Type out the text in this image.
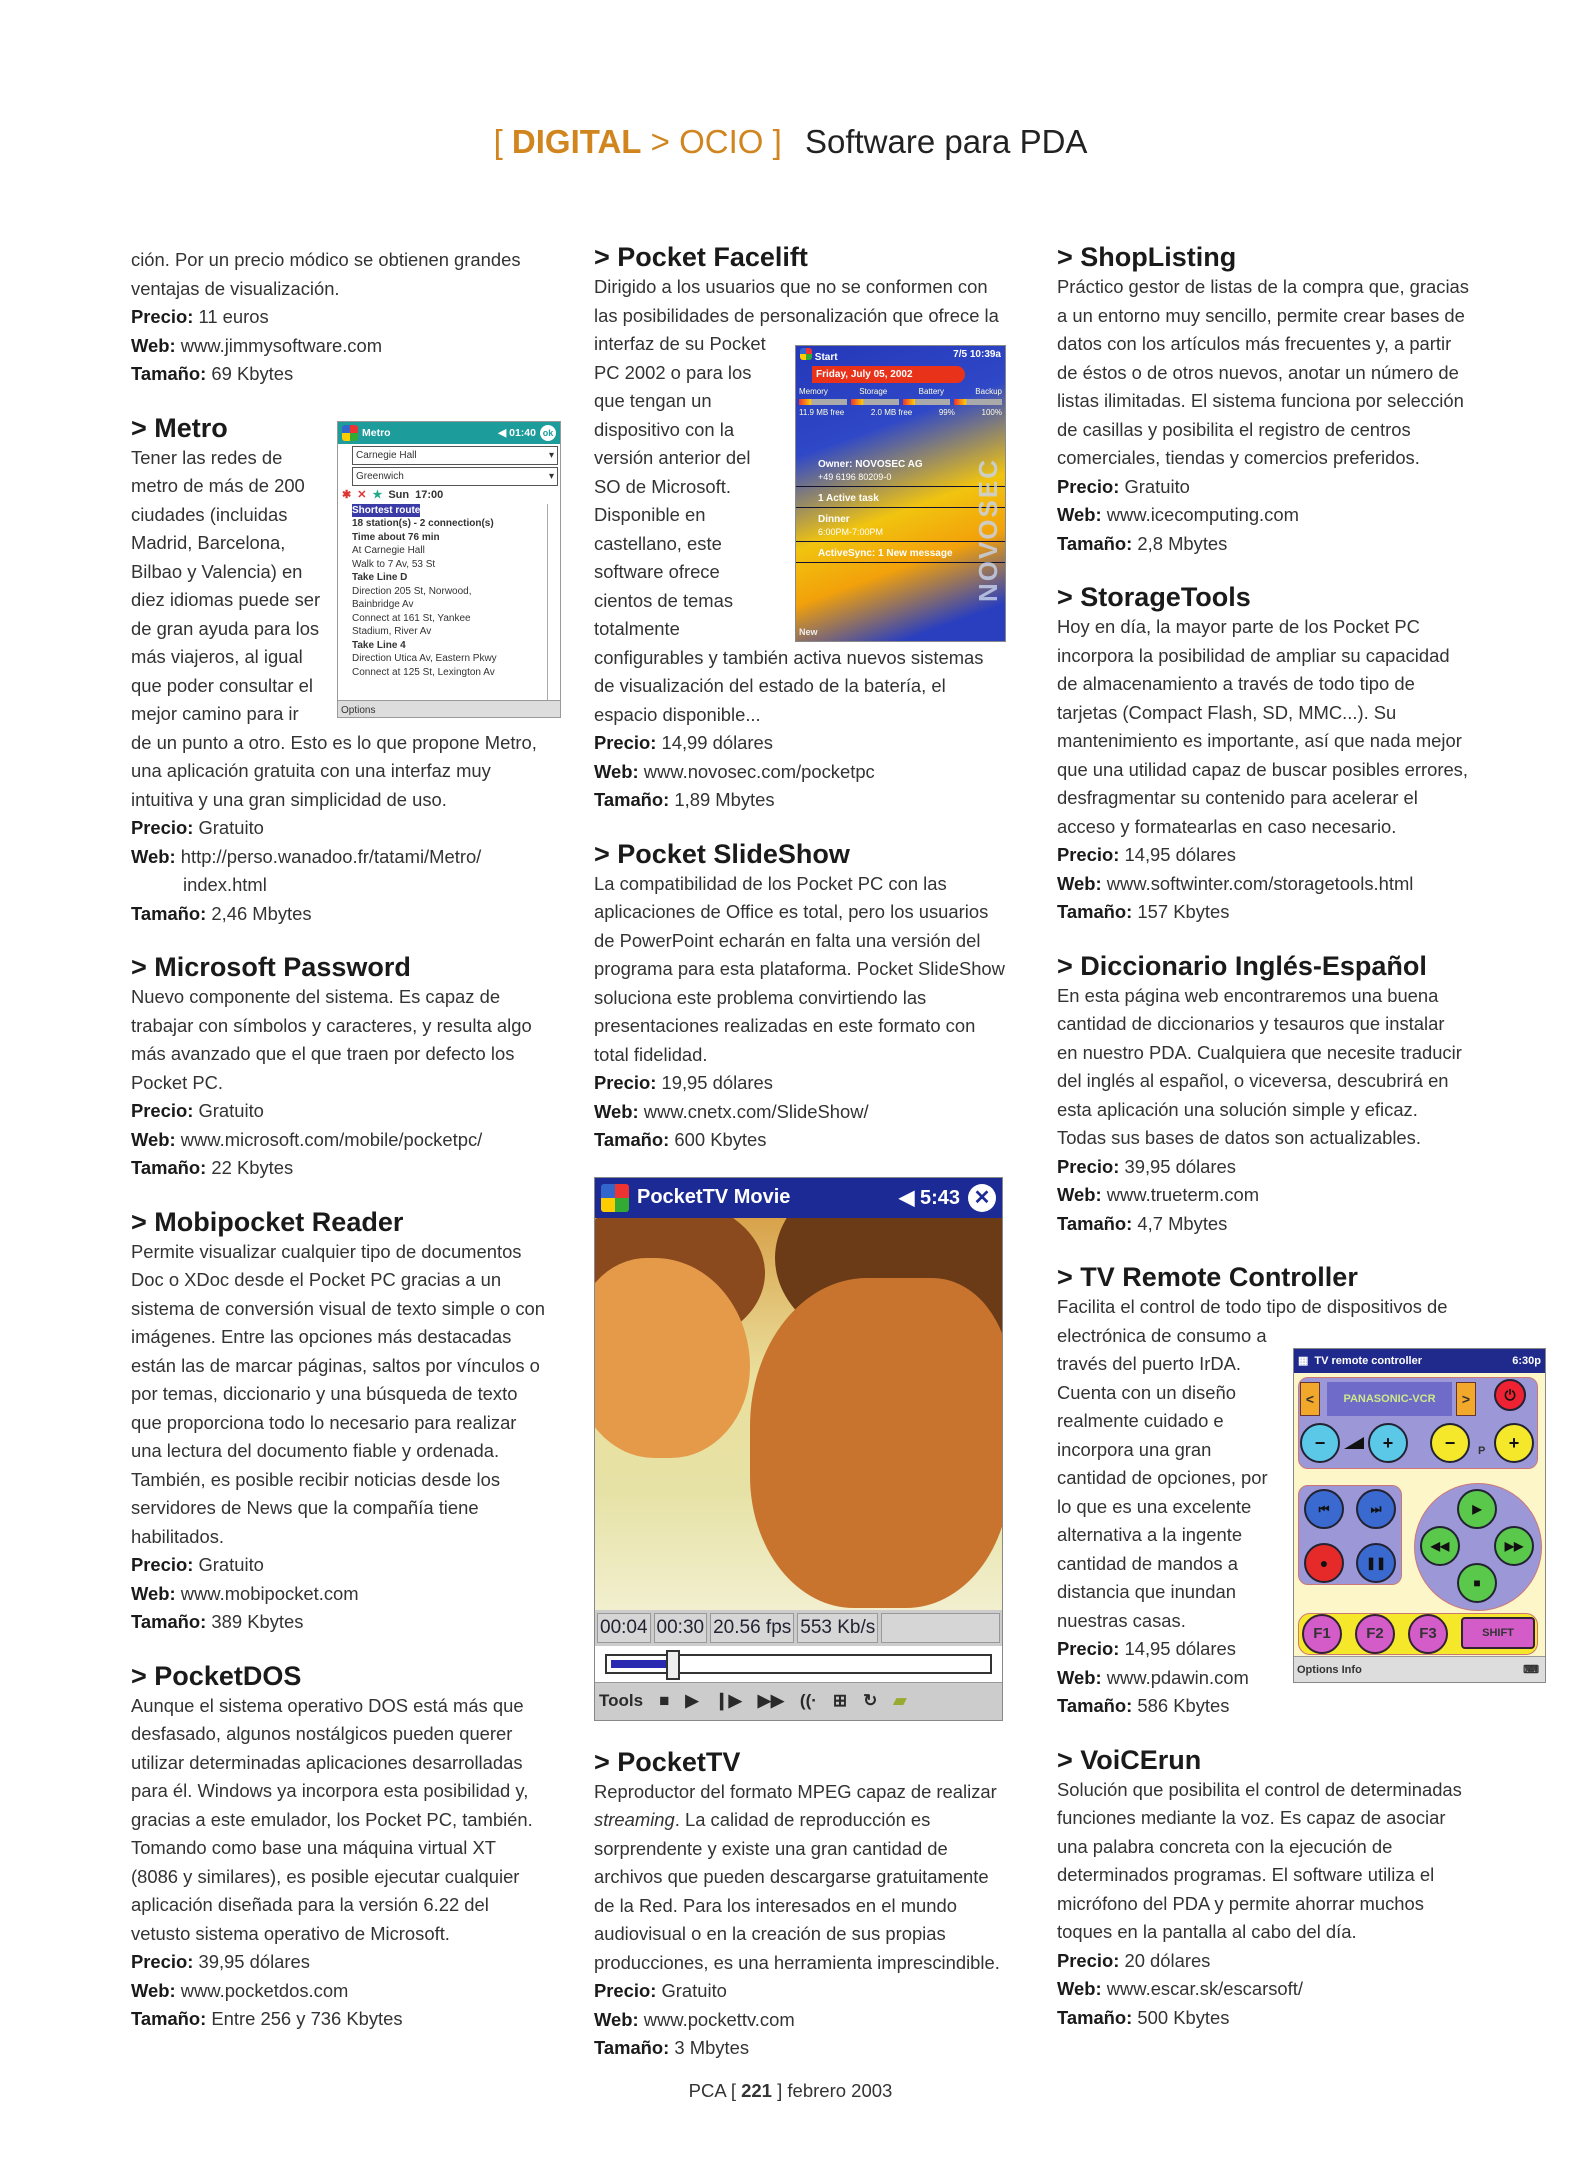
[ DIGITAL > OCIO ] Software para PDA

ción. Por un precio módico se obtienen grandes ventajas de visualización.

Precio: 11 euros

Web: www.jimmysoftware.com

Tamaño: 69 Kbytes

Metro	◀ 01:40 ok
Carnegie Hall ▾
Greenwich ▾
✱ ✕ ★ Sun 17:00
Shortest route
18 station(s) - 2 connection(s)
Time about 76 min
At Carnegie Hall
Walk to 7 Av, 53 St
Take Line D
Direction 205 St, Norwood,
Bainbridge Av
Connect at 161 St, Yankee
Stadium, River Av
Take Line 4
Direction Utica Av, Eastern Pkwy
Connect at 125 St, Lexington Av
Options
> Metro

Tener las redes de metro de más de 200 ciudades (incluidas Madrid, Barcelona, Bilbao y Valencia) en diez idiomas puede ser de gran ayuda para los más viajeros, al igual que poder consultar el mejor camino para ir de un punto a otro. Esto es lo que propone Metro, una aplicación gratuita con una interfaz muy intuitiva y una gran simplicidad de uso.

Precio: Gratuito

Web: http://perso.wanadoo.fr/tatami/Metro/ index.html

Tamaño: 2,46 Mbytes

> Microsoft Password

Nuevo componente del sistema. Es capaz de trabajar con símbolos y caracteres, y resulta algo más avanzado que el que traen por defecto los Pocket PC.

Precio: Gratuito

Web: www.microsoft.com/mobile/pocketpc/

Tamaño: 22 Kbytes

> Mobipocket Reader

Permite visualizar cualquier tipo de documentos Doc o XDoc desde el Pocket PC gracias a un sistema de conversión visual de texto simple o con imágenes. Entre las opciones más destacadas están las de marcar páginas, saltos por vínculos o por temas, diccionario y una búsqueda de texto que proporciona todo lo necesario para realizar una lectura del documento fiable y ordenada. También, es posible recibir noticias desde los servidores de News que la compañía tiene habilitados.

Precio: Gratuito

Web: www.mobipocket.com

Tamaño: 389 Kbytes

> PocketDOS

Aunque el sistema operativo DOS está más que desfasado, algunos nostálgicos pueden querer utilizar determinadas aplicaciones desarrolladas para él. Windows ya incorpora esta posibilidad y, gracias a este emulador, los Pocket PC, también. Tomando como base una máquina virtual XT (8086 y similares), es posible ejecutar cualquier aplicación diseñada para la versión 6.22 del vetusto sistema operativo de Microsoft.

Precio: 39,95 dólares

Web: www.pocketdos.com

Tamaño: Entre 256 y 736 Kbytes

Start	7/5 10:39a
Friday, July 05, 2002
Memory	Storage	Battery	Backup
11.9 MB free	2.0 MB free	99%	100%
Owner: NOVOSEC AG
+49 6196 80209-0
1 Active task
Dinner
6:00PM-7:00PM
ActiveSync: 1 New message NOVOSEC
New
> Pocket Facelift

Dirigido a los usuarios que no se conformen con las posibilidades de personalización que ofrece la interfaz de su Pocket PC 2002 o para los que tengan un dispositivo con la versión anterior del SO de Microsoft. Disponible en castellano, este software ofrece cientos de temas totalmente configurables y también activa nuevos sistemas de visualización del estado de la batería, el espacio disponible...

Precio: 14,99 dólares

Web: www.novosec.com/pocketpc

Tamaño: 1,89 Mbytes

> Pocket SlideShow

La compatibilidad de los Pocket PC con las aplicaciones de Office es total, pero los usuarios de PowerPoint echarán en falta una versión del programa para esta plataforma. Pocket SlideShow soluciona este problema convirtiendo las presentaciones realizadas en este formato con total fidelidad.

Precio: 19,95 dólares

Web: www.cnetx.com/SlideShow/

Tamaño: 600 Kbytes

PocketTV Movie	◀ 5:43 ✕
00:04 00:30 20.56 fps 553 Kb/s
Tools ■ ▶ ❙▶ ▶▶ ((· ⊞ ↻ ▰
> PocketTV

Reproductor del formato MPEG capaz de realizar streaming. La calidad de reproducción es sorprendente y existe una gran cantidad de archivos que pueden descargarse gratuitamente de la Red. Para los interesados en el mundo audiovisual o en la creación de sus propias producciones, es una herramienta imprescindible.

Precio: Gratuito

Web: www.pockettv.com

Tamaño: 3 Mbytes

> ShopListing

Práctico gestor de listas de la compra que, gracias a un entorno muy sencillo, permite crear bases de datos con los artículos más frecuentes y, a partir de éstos o de otros nuevos, anotar un número de listas ilimitadas. El sistema funciona por selección de casillas y posibilita el registro de centros comerciales, tiendas y comercios preferidos.

Precio: Gratuito

Web: www.icecomputing.com

Tamaño: 2,8 Mbytes

> StorageTools

Hoy en día, la mayor parte de los Pocket PC incorpora la posibilidad de ampliar su capacidad de almacenamiento a través de todo tipo de tarjetas (Compact Flash, SD, MMC...). Su mantenimiento es importante, así que nada mejor que una utilidad capaz de buscar posibles errores, desfragmentar su contenido para acelerar el acceso y formatearlas en caso necesario.

Precio: 14,95 dólares

Web: www.softwinter.com/storagetools.html

Tamaño: 157 Kbytes

> Diccionario Inglés-Español

En esta página web encontraremos una buena cantidad de diccionarios y tesauros que instalar en nuestro PDA. Cualquiera que necesite traducir del inglés al español, o viceversa, descubrirá en esta aplicación una solución simple y eficaz. Todas sus bases de datos son actualizables.

Precio: 39,95 dólares

Web: www.trueterm.com

Tamaño: 4,7 Mbytes

▦ TV remote controller	6:30p
<	PANASONIC-VCR	>	⏻
−	+	−	P	+
⏮	⏭
●	❚❚
▶
◀◀	▶▶
■
F1	F2	F3	SHIFT
Options Info	⌨
> TV Remote Controller

Facilita el control de todo tipo de dispositivos de electrónica de consumo a través del puerto IrDA. Cuenta con un diseño realmente cuidado e incorpora una gran cantidad de opciones, por lo que es una excelente alternativa a la ingente cantidad de mandos a distancia que inundan nuestras casas.

Precio: 14,95 dólares

Web: www.pdawin.com

Tamaño: 586 Kbytes

> VoiCErun

Solución que posibilita el control de determinadas funciones mediante la voz. Es capaz de asociar una palabra concreta con la ejecución de determinados programas. El software utiliza el micrófono del PDA y permite ahorrar muchos toques en la pantalla al cabo del día.

Precio: 20 dólares

Web: www.escar.sk/escarsoft/

Tamaño: 500 Kbytes

PCA [ 221 ] febrero 2003
